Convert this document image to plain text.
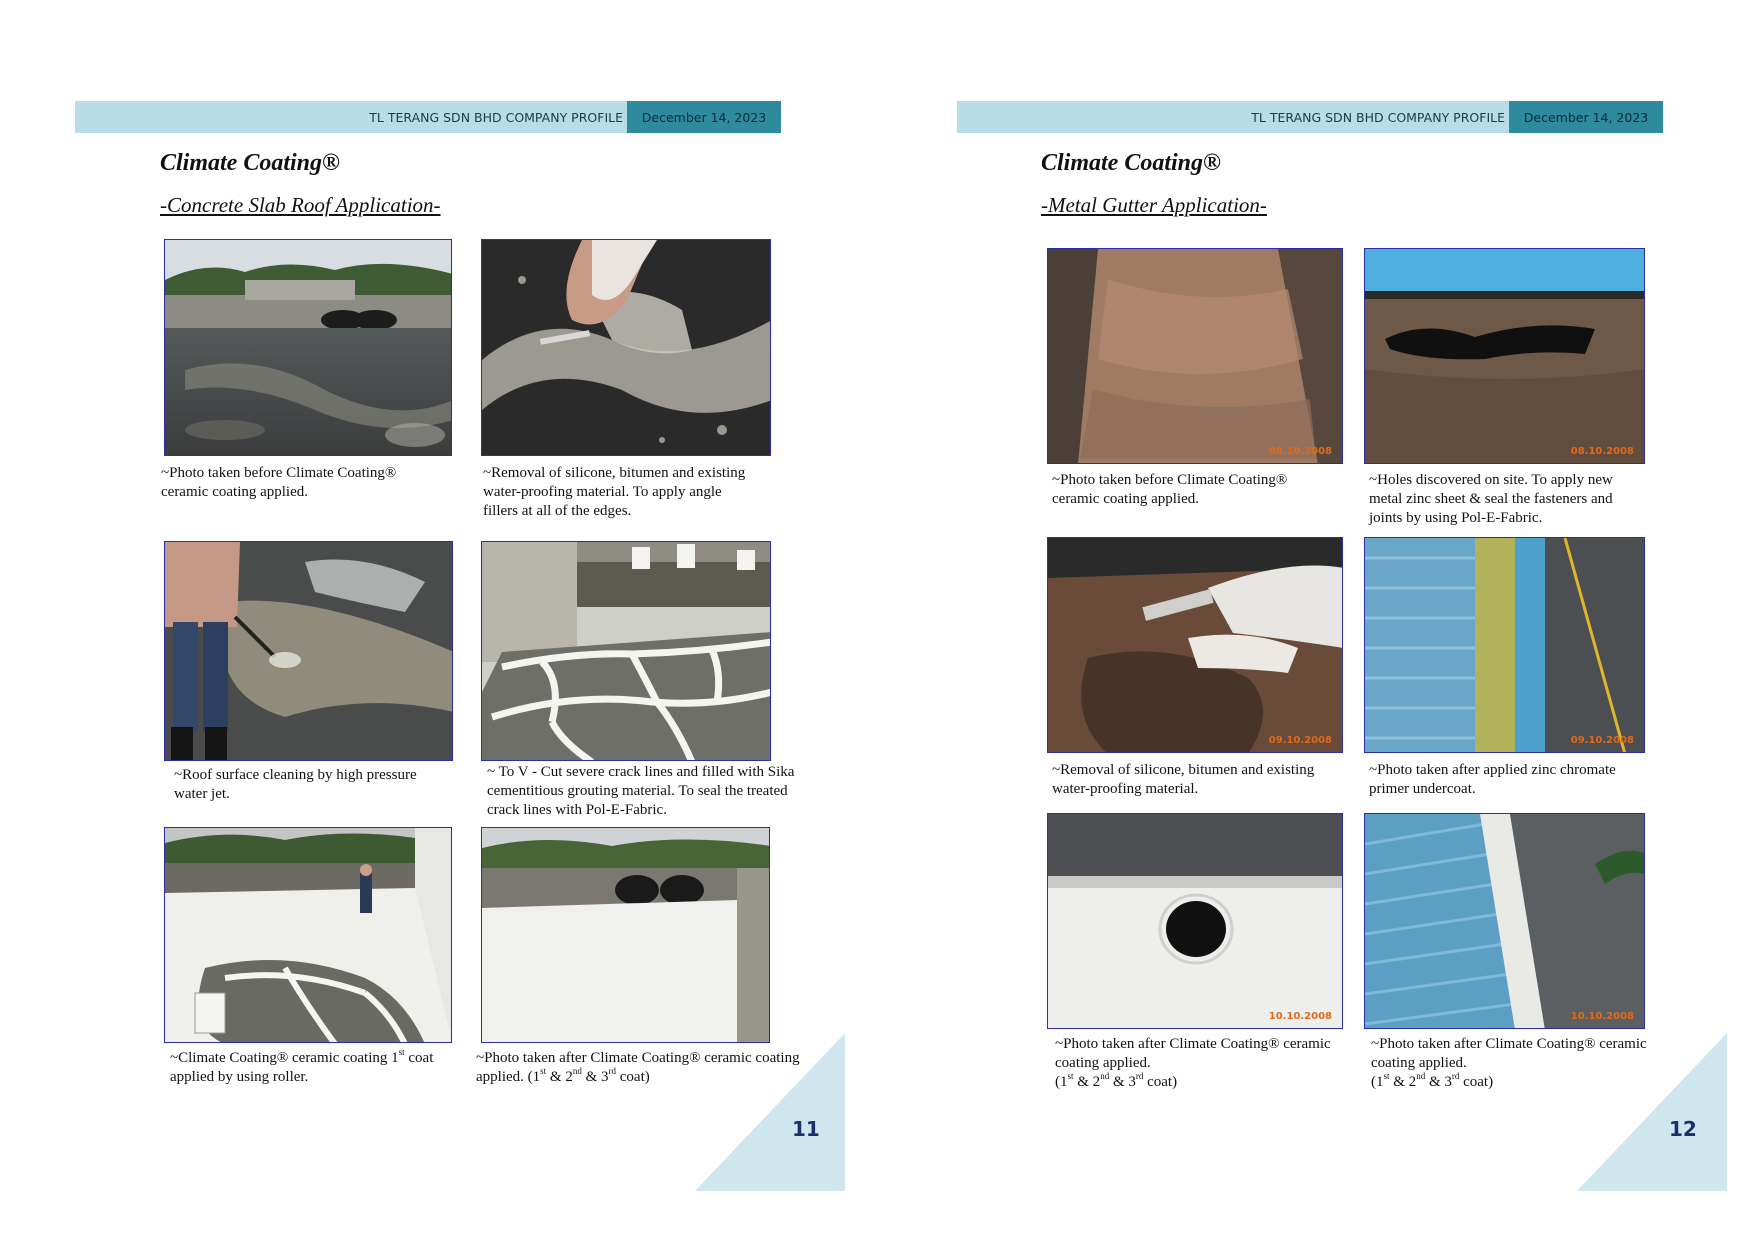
TL TERANG SDN BHD COMPANY PROFILE	December 14, 2023
Climate Coating®
-Concrete Slab Roof Application-
~Photo taken before Climate Coating® ceramic coating applied.
~Removal of silicone, bitumen and existing water-proofing material. To apply angle fillers at all of the edges.
~Roof surface cleaning by high pressure water jet.
~ To V - Cut severe crack lines and filled with Sika cementitious grouting material. To seal the treated crack lines with Pol-E-Fabric.
~Climate Coating® ceramic coating 1st coat applied by using roller.
~Photo taken after Climate Coating® ceramic coating applied. (1st & 2nd & 3rd coat)
11
TL TERANG SDN BHD COMPANY PROFILE	December 14, 2023
Climate Coating®
-Metal Gutter Application-
08.10.2008
~Photo taken before Climate Coating® ceramic coating applied.
08.10.2008
~Holes discovered on site. To apply new metal zinc sheet & seal the fasteners and joints by using Pol-E-Fabric.
09.10.2008
~Removal of silicone, bitumen and existing water-proofing material.
09.10.2008
~Photo taken after applied zinc chromate primer undercoat.
10.10.2008
~Photo taken after Climate Coating® ceramic coating applied.
(1st & 2nd & 3rd coat)
10.10.2008
~Photo taken after Climate Coating® ceramic coating applied.
(1st & 2nd & 3rd coat)
12
